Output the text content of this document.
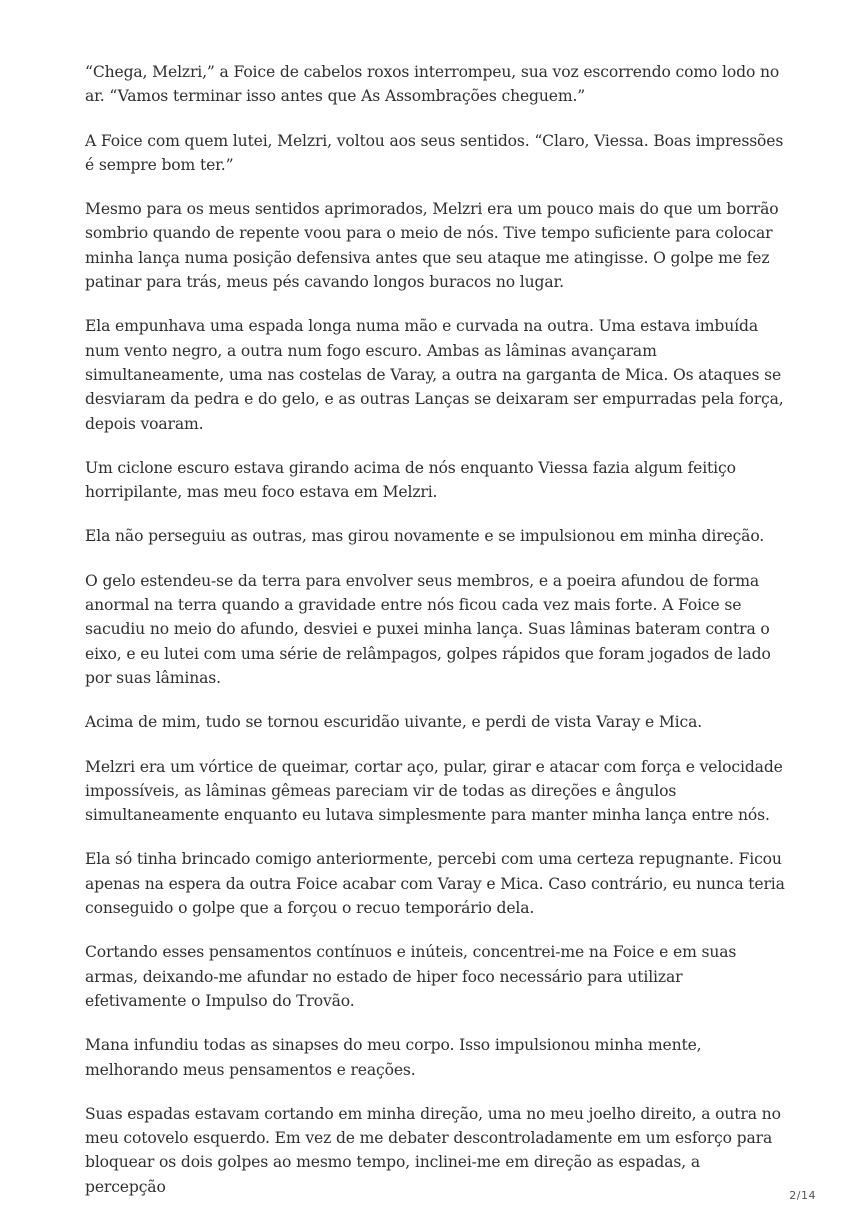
“Chega, Melzri,” a Foice de cabelos roxos interrompeu, sua voz escorrendo como lodo no ar. “Vamos terminar isso antes que As Assombrações cheguem.”

A Foice com quem lutei, Melzri, voltou aos seus sentidos. “Claro, Viessa. Boas impressões é sempre bom ter.”

Mesmo para os meus sentidos aprimorados, Melzri era um pouco mais do que um borrão sombrio quando de repente voou para o meio de nós. Tive tempo suficiente para colocar minha lança numa posição defensiva antes que seu ataque me atingisse. O golpe me fez patinar para trás, meus pés cavando longos buracos no lugar.

Ela empunhava uma espada longa numa mão e curvada na outra. Uma estava imbuída num vento negro, a outra num fogo escuro. Ambas as lâminas avançaram simultaneamente, uma nas costelas de Varay, a outra na garganta de Mica. Os ataques se desviaram da pedra e do gelo, e as outras Lanças se deixaram ser empurradas pela força, depois voaram.

Um ciclone escuro estava girando acima de nós enquanto Viessa fazia algum feitiço horripilante, mas meu foco estava em Melzri.

Ela não perseguiu as outras, mas girou novamente e se impulsionou em minha direção.

O gelo estendeu-se da terra para envolver seus membros, e a poeira afundou de forma anormal na terra quando a gravidade entre nós ficou cada vez mais forte. A Foice se sacudiu no meio do afundo, desviei e puxei minha lança. Suas lâminas bateram contra o eixo, e eu lutei com uma série de relâmpagos, golpes rápidos que foram jogados de lado por suas lâminas.

Acima de mim, tudo se tornou escuridão uivante, e perdi de vista Varay e Mica.

Melzri era um vórtice de queimar, cortar aço, pular, girar e atacar com força e velocidade impossíveis, as lâminas gêmeas pareciam vir de todas as direções e ângulos simultaneamente enquanto eu lutava simplesmente para manter minha lança entre nós.

Ela só tinha brincado comigo anteriormente, percebi com uma certeza repugnante. Ficou apenas na espera da outra Foice acabar com Varay e Mica. Caso contrário, eu nunca teria conseguido o golpe que a forçou o recuo temporário dela.

Cortando esses pensamentos contínuos e inúteis, concentrei-me na Foice e em suas armas, deixando-me afundar no estado de hiper foco necessário para utilizar efetivamente o Impulso do Trovão.

Mana infundiu todas as sinapses do meu corpo. Isso impulsionou minha mente, melhorando meus pensamentos e reações.

Suas espadas estavam cortando em minha direção, uma no meu joelho direito, a outra no meu cotovelo esquerdo. Em vez de me debater descontroladamente em um esforço para bloquear os dois golpes ao mesmo tempo, inclinei-me em direção as espadas, a percepção	2/14
